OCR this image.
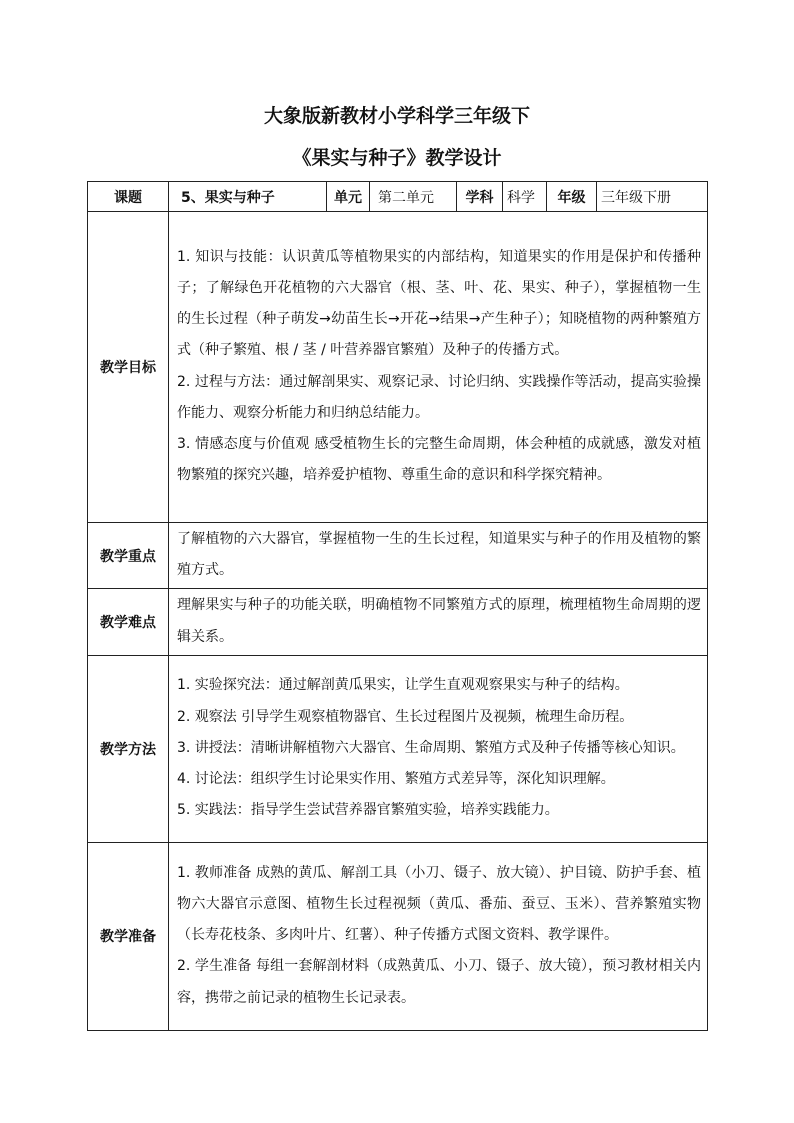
大象版新教材小学科学三年级下
《果实与种子》教学设计
课题	5、果实与种子	单元	第二单元	学科	科学	年级	三年级下册
教学目标	1. 知识与技能：认识黄瓜等植物果实的内部结构，知道果实的作用是保护和传播种子；了解绿色开花植物的六大器官（根、茎、叶、花、果实、种子），掌握植物一生的生长过程（种子萌发→幼苗生长→开花→结果→产生种子）；知晓植物的两种繁殖方式（种子繁殖、根 / 茎 / 叶营养器官繁殖）及种子的传播方式。

2. 过程与方法：通过解剖果实、观察记录、讨论归纳、实践操作等活动，提高实验操作能力、观察分析能力和归纳总结能力。

3. 情感态度与价值观 感受植物生长的完整生命周期，体会种植的成就感，激发对植物繁殖的探究兴趣，培养爱护植物、尊重生命的意识和科学探究精神。						

教学重点	了解植物的六大器官，掌握植物一生的生长过程，知道果实与种子的作用及植物的繁殖方式。						

教学难点	理解果实与种子的功能关联，明确植物不同繁殖方式的原理，梳理植物生命周期的逻辑关系。						

教学方法	1. 实验探究法：通过解剖黄瓜果实，让学生直观观察果实与种子的结构。

2. 观察法 引导学生观察植物器官、生长过程图片及视频，梳理生命历程。

3. 讲授法：清晰讲解植物六大器官、生命周期、繁殖方式及种子传播等核心知识。

4. 讨论法：组织学生讨论果实作用、繁殖方式差异等，深化知识理解。

5. 实践法：指导学生尝试营养器官繁殖实验，培养实践能力。						

教学准备	1. 教师准备 成熟的黄瓜、解剖工具（小刀、镊子、放大镜）、护目镜、防护手套、植物六大器官示意图、植物生长过程视频（黄瓜、番茄、蚕豆、玉米）、营养繁殖实物（长寿花枝条、多肉叶片、红薯）、种子传播方式图文资料、教学课件。

2. 学生准备 每组一套解剖材料（成熟黄瓜、小刀、镊子、放大镜），预习教材相关内容，携带之前记录的植物生长记录表。						
